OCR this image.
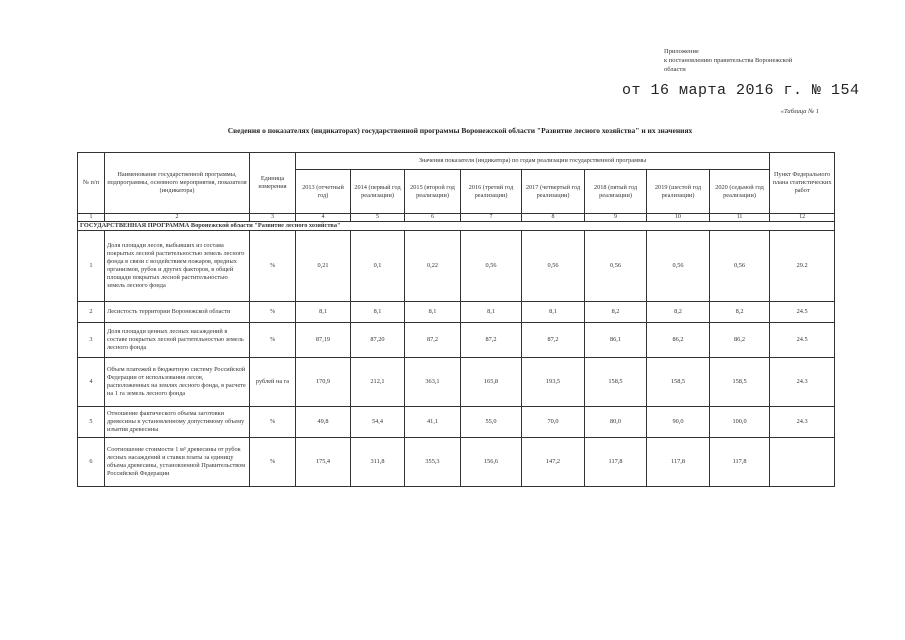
Приложение
к постановлению правительства Воронежской
области
от 16 марта 2016 г. № 154
«Таблица № 1
Сведения о показателях (индикаторах) государственной программы Воронежской области "Развитие лесного хозяйства" и их значениях
№ п/п	Наименование государственной программы, подпрограммы, основного мероприятия, показателя (индикатора)	Единица измерения	Значения показателя (индикатора) по годам реализации государственной программы								Пункт Федерального плана статистических работ
			2013 (отчетный год)	2014 (первый год реализации)	2015 (второй год реализации)	2016 (третий год реализации)	2017 (четвертый год реализации)	2018 (пятый год реализации)	2019 (шестой год реализации)	2020 (седьмой год реализации)	
1	2	3	4	5	6	7	8	9	10	11	12
ГОСУДАРСТВЕННАЯ ПРОГРАММА Воронежской области "Развитие лесного хозяйства"											
1	Доля площади лесов, выбывших из состава покрытых лесной растительностью земель лесного фонда в связи с воздействием пожаров, вредных организмов, рубок и других факторов, в общей площади покрытых лесной растительностью земель лесного фонда	%	0,21	0,1	0,22	0,56	0,56	0,56	0,56	0,56	29.2
2	Лесистость территории Воронежской области	%	8,1	8,1	8,1	8,1	8,1	8,2	8,2	8,2	24.5
3	Доля площади ценных лесных насаждений в составе покрытых лесной растительностью земель лесного фонда	%	87,19	87,20	87,2	87,2	87,2	86,1	86,2	86,2	24.5
4	Объем платежей в бюджетную систему Российской Федерации от использования лесов, расположенных на землях лесного фонда, в расчете на 1 га земель лесного фонда	рублей на га	170,9	212,1	363,1	165,8	193,5	158,5	158,5	158,5	24.3
5	Отношение фактического объема заготовки древесины к установленному допустимому объему изъятия древесины	%	49,8	54,4	41,1	55,0	70,0	80,0	90,0	100,0	24.3
6	Соотношение стоимости 1 м³ древесины от рубок лесных насаждений и ставки платы за единицу объема древесины, установленной Правительством Российской Федерации	%	175,4	311,8	355,3	156,6	147,2	117,8	117,8	117,8	
